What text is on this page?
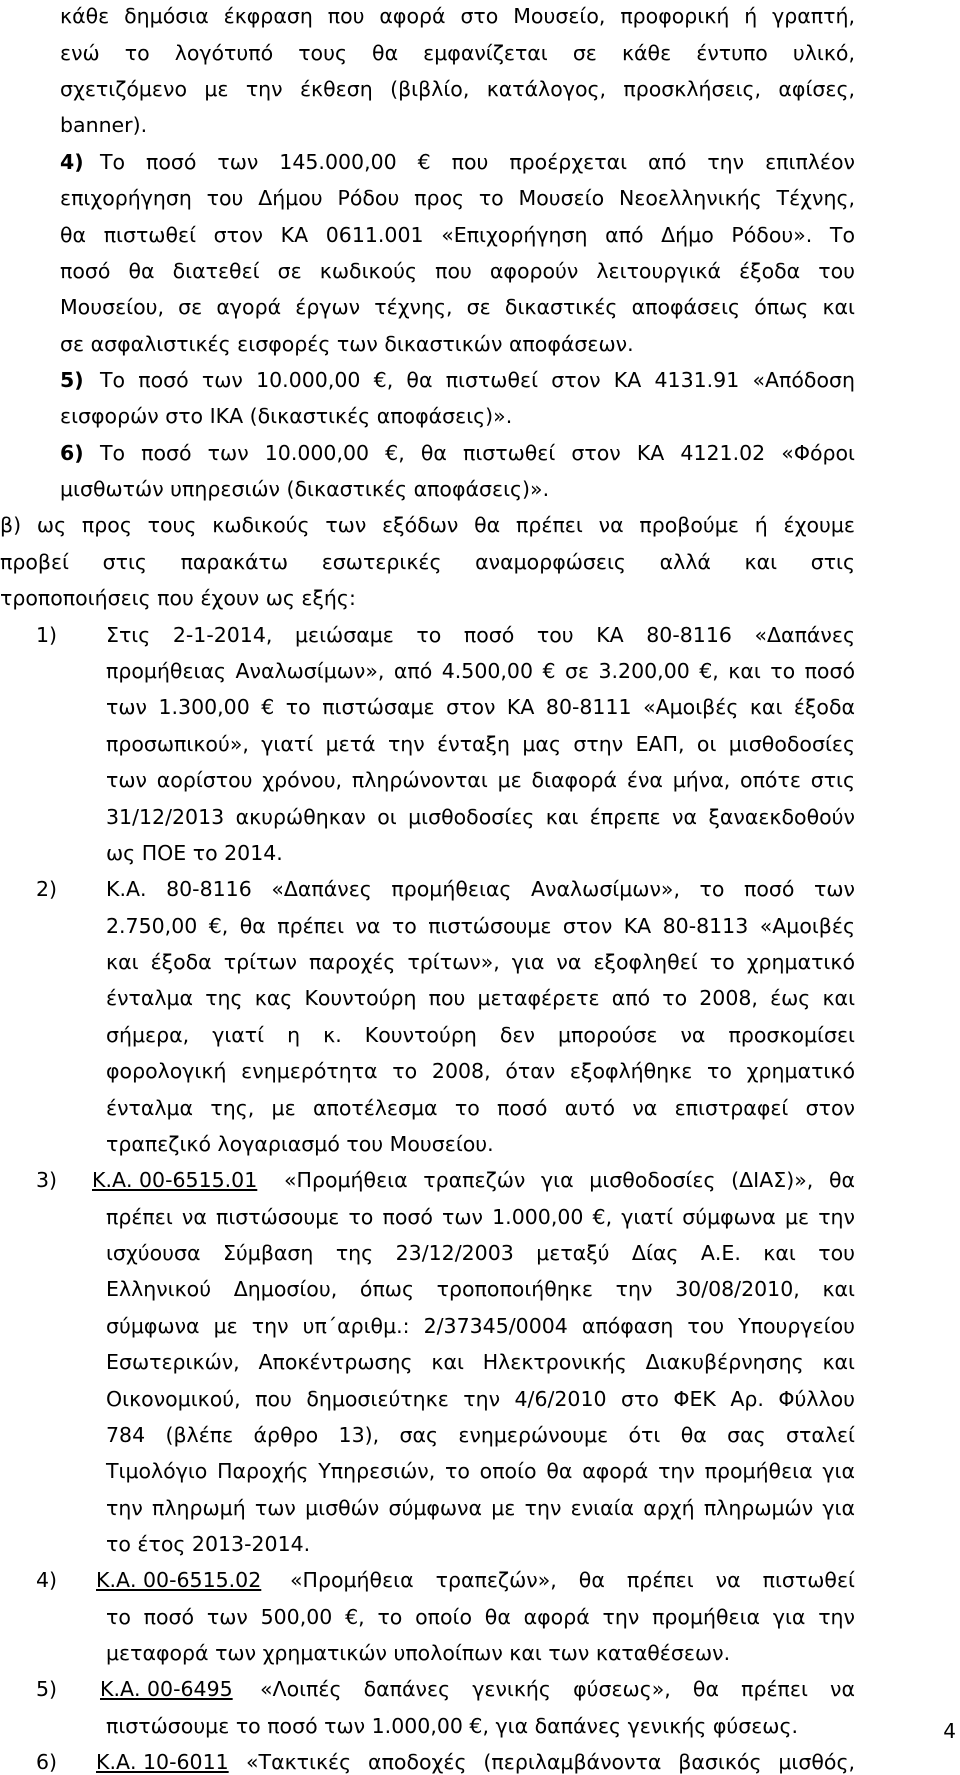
κάθε δημόσια έκφραση που αφορά στο Μουσείο, προφορική ή γραπτή,
ενώ το λογότυπό τους θα εμφανίζεται σε κάθε έντυπο υλικό,
σχετιζόμενο με την έκθεση (βιβλίο, κατάλογος, προσκλήσεις, αφίσες,
banner).
4) Το ποσό των 145.000,00 € που προέρχεται από την επιπλέον
επιχορήγηση του Δήμου Ρόδου προς το Μουσείο Νεοελληνικής Τέχνης,
θα πιστωθεί στον ΚΑ 0611.001 «Επιχορήγηση από Δήμο Ρόδου». Το
ποσό θα διατεθεί σε κωδικούς που αφορούν λειτουργικά έξοδα του
Μουσείου, σε αγορά έργων τέχνης, σε δικαστικές αποφάσεις όπως και
σε ασφαλιστικές εισφορές των δικαστικών αποφάσεων.
5) Το ποσό των 10.000,00 €, θα πιστωθεί στον ΚΑ 4131.91 «Απόδοση
εισφορών στο ΙΚΑ (δικαστικές αποφάσεις)».
6) Το ποσό των 10.000,00 €, θα πιστωθεί στον ΚΑ 4121.02 «Φόροι
μισθωτών υπηρεσιών (δικαστικές αποφάσεις)».
β) ως προς τους κωδικούς των εξόδων θα πρέπει να προβούμε ή έχουμε
προβεί στις παρακάτω εσωτερικές αναμορφώσεις αλλά και στις
τροποποιήσεις που έχουν ως εξής:
1) Στις 2-1-2014, μειώσαμε το ποσό του ΚΑ 80-8116 «Δαπάνες
προμήθειας Αναλωσίμων», από 4.500,00 € σε 3.200,00 €, και το ποσό
των 1.300,00 € το πιστώσαμε στον ΚΑ 80-8111 «Αμοιβές και έξοδα
προσωπικού», γιατί μετά την ένταξη μας στην ΕΑΠ, οι μισθοδοσίες
των αορίστου χρόνου, πληρώνονται με διαφορά ένα μήνα, οπότε στις
31/12/2013 ακυρώθηκαν οι μισθοδοσίες και έπρεπε να ξαναεκδοθούν
ως ΠΟΕ το 2014.
2) Κ.Α. 80-8116 «Δαπάνες προμήθειας Αναλωσίμων», το ποσό των
2.750,00 €, θα πρέπει να το πιστώσουμε στον ΚΑ 80-8113 «Αμοιβές
και έξοδα τρίτων παροχές τρίτων», για να εξοφληθεί το χρηματικό
ένταλμα της κας Κουντούρη που μεταφέρετε από το 2008, έως και
σήμερα, γιατί η κ. Κουντούρη δεν μπορούσε να προσκομίσει
φορολογική ενημερότητα το 2008, όταν εξοφλήθηκε το χρηματικό
ένταλμα της, με αποτέλεσμα το ποσό αυτό να επιστραφεί στον
τραπεζικό λογαριασμό του Μουσείου.
3) Κ.Α. 00-6515.01 «Προμήθεια τραπεζών για μισθοδοσίες (ΔΙΑΣ)», θα
πρέπει να πιστώσουμε το ποσό των 1.000,00 €, γιατί σύμφωνα με την
ισχύουσα Σύμβαση της 23/12/2003 μεταξύ Δίας Α.Ε. και του
Ελληνικού Δημοσίου, όπως τροποποιήθηκε την 30/08/2010, και
σύμφωνα με την υπ΄αριθμ.: 2/37345/0004 απόφαση του Υπουργείου
Εσωτερικών, Αποκέντρωσης και Ηλεκτρονικής Διακυβέρνησης και
Οικονομικού, που δημοσιεύτηκε την 4/6/2010 στο ΦΕΚ Αρ. Φύλλου
784 (βλέπε άρθρο 13), σας ενημερώνουμε ότι θα σας σταλεί
Τιμολόγιο Παροχής Υπηρεσιών, το οποίο θα αφορά την προμήθεια για
την πληρωμή των μισθών σύμφωνα με την ενιαία αρχή πληρωμών για
το έτος 2013-2014.
4) Κ.Α. 00-6515.02 «Προμήθεια τραπεζών», θα πρέπει να πιστωθεί
το ποσό των 500,00 €, το οποίο θα αφορά την προμήθεια για την
μεταφορά των χρηματικών υπολοίπων και των καταθέσεων.
5) Κ.Α. 00-6495 «Λοιπές δαπάνες γενικής φύσεως», θα πρέπει να
πιστώσουμε το ποσό των 1.000,00 €, για δαπάνες γενικής φύσεως.
6) Κ.Α. 10-6011 «Τακτικές αποδοχές (περιλαμβάνοντα βασικός μισθός,
4
